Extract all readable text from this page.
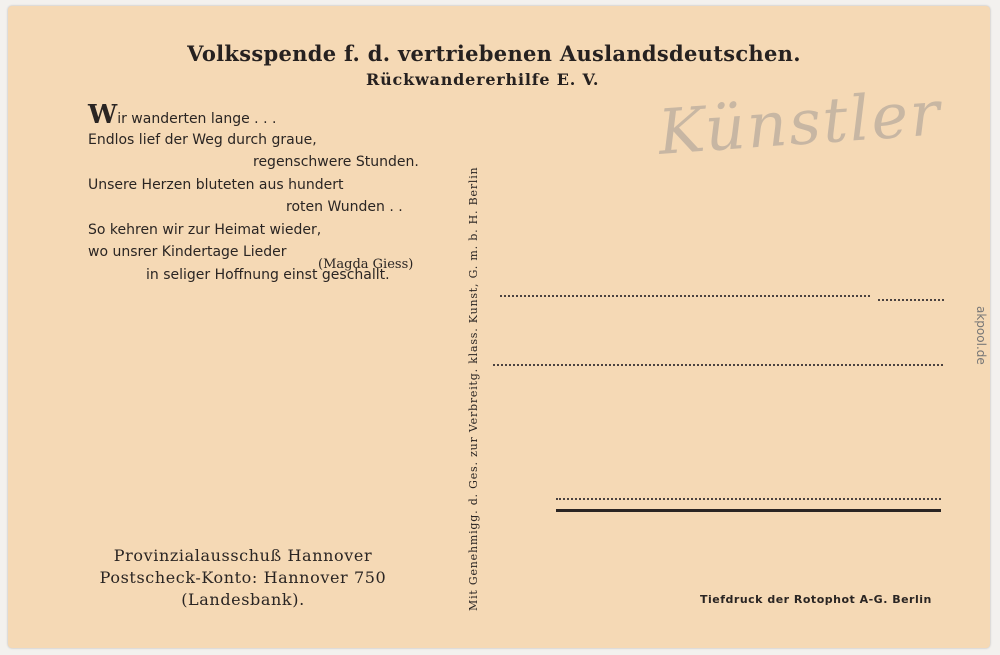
Volksspende f. d. vertriebenen Auslandsdeutschen.
Rückwandererhilfe E. V.
Wir wanderten lange . . .
Endlos lief der Weg durch graue,
regenschwere Stunden.
Unsere Herzen bluteten aus hundert
roten Wunden . .
So kehren wir zur Heimat wieder,
wo unsrer Kindertage Lieder
in seliger Hoffnung einst geschallt.
(Magda Giess)
Provinzialausschuß Hannover
Postscheck-Konto: Hannover 750
(Landesbank).	Mit Genehmigg. d. Ges. zur Verbreitg. klass. Kunst, G. m. b. H. Berlin
Künstler
Tiefdruck der Rotophot A-G. Berlin
akpool.de
